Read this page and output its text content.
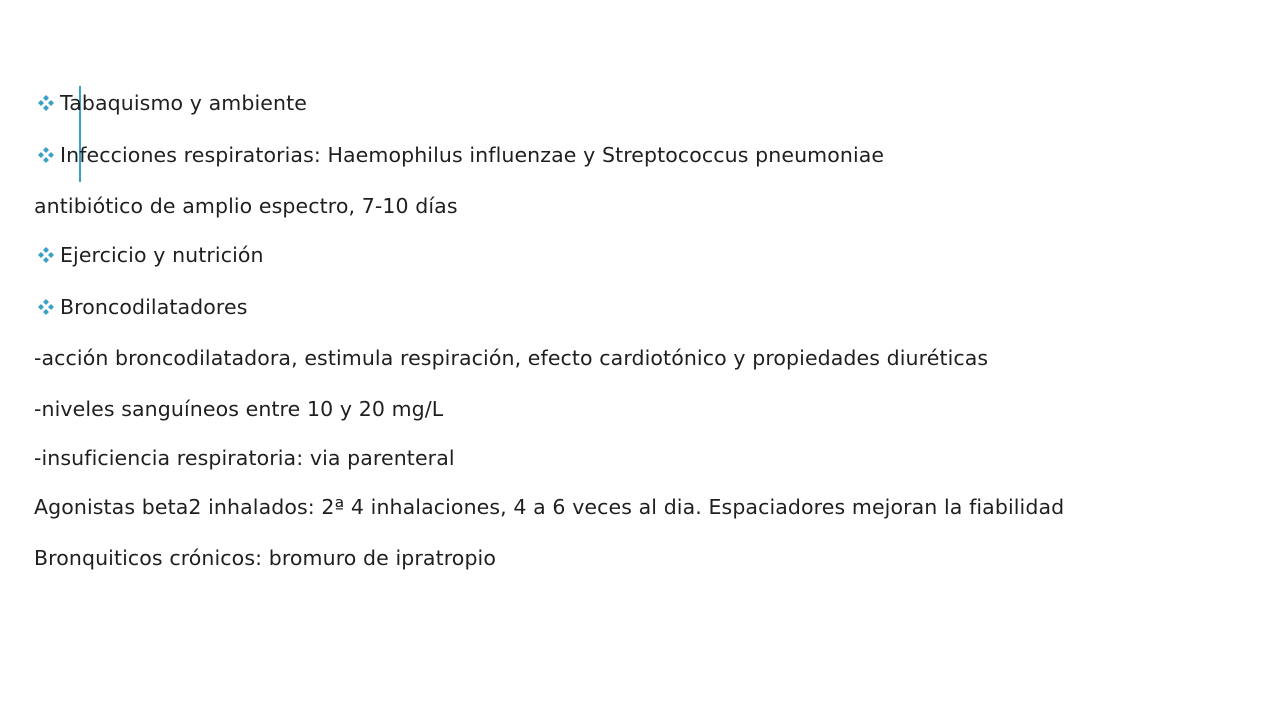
Tabaquismo y ambiente
Infecciones respiratorias: Haemophilus influenzae y Streptococcus pneumoniae
antibiótico de amplio espectro, 7-10 días
Ejercicio y nutrición
Broncodilatadores
-acción broncodilatadora, estimula respiración, efecto cardiotónico y propiedades diuréticas
-niveles sanguíneos entre 10 y 20 mg/L
-insuficiencia respiratoria: via parenteral
Agonistas beta2 inhalados: 2ª 4 inhalaciones, 4 a 6 veces al dia. Espaciadores mejoran la fiabilidad
Bronquiticos crónicos: bromuro de ipratropio
